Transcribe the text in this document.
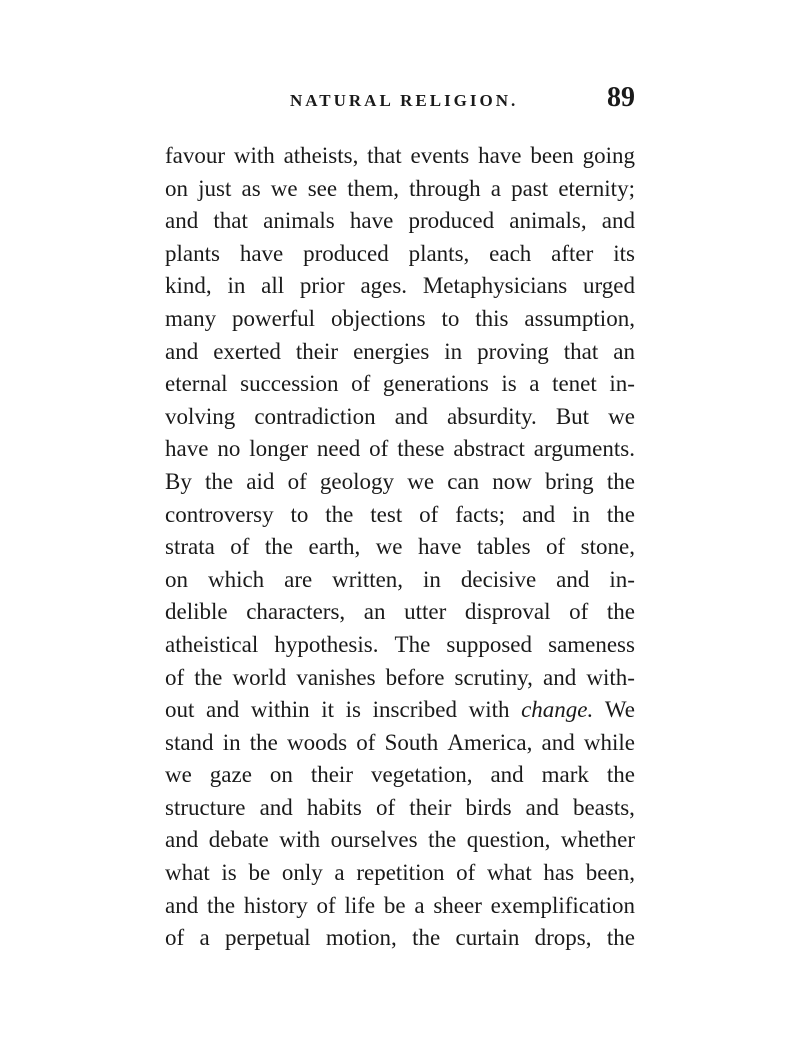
NATURAL RELIGION.	89
favour with atheists, that events have been going
on just as we see them, through a past eternity;
and that animals have produced animals, and
plants have produced plants, each after its
kind, in all prior ages. Metaphysicians urged
many powerful objections to this assumption,
and exerted their energies in proving that an
eternal succession of generations is a tenet in-
volving contradiction and absurdity. But we
have no longer need of these abstract arguments.
By the aid of geology we can now bring the
controversy to the test of facts; and in the
strata of the earth, we have tables of stone,
on which are written, in decisive and in-
delible characters, an utter disproval of the
atheistical hypothesis. The supposed sameness
of the world vanishes before scrutiny, and with-
out and within it is inscribed with change. We
stand in the woods of South America, and while
we gaze on their vegetation, and mark the
structure and habits of their birds and beasts,
and debate with ourselves the question, whether
what is be only a repetition of what has been,
and the history of life be a sheer exemplification
of a perpetual motion, the curtain drops, the
